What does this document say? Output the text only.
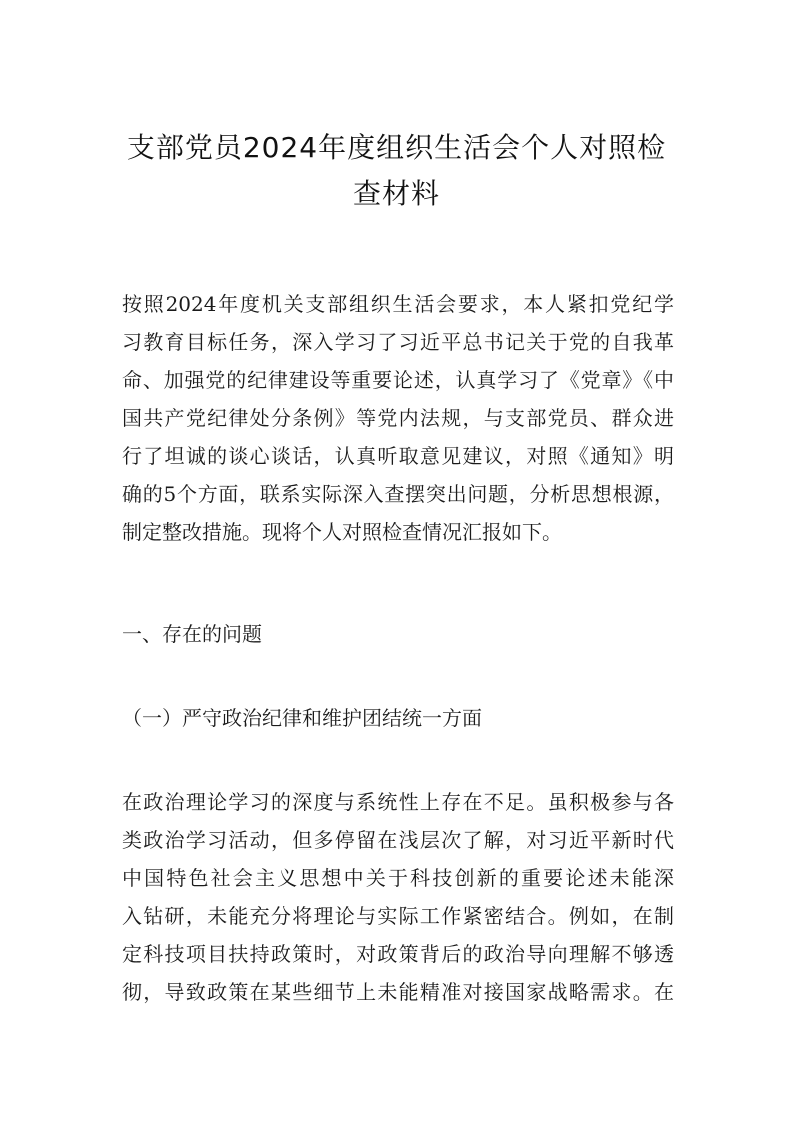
支部党员2024年度组织生活会个人对照检
查材料
按照2024年度机关支部组织生活会要求，本人紧扣党纪学
习教育目标任务，深入学习了习近平总书记关于党的自我革
命、加强党的纪律建设等重要论述，认真学习了《党章》《中
国共产党纪律处分条例》等党内法规，与支部党员、群众进
行了坦诚的谈心谈话，认真听取意见建议，对照《通知》明
确的5个方面，联系实际深入查摆突出问题，分析思想根源，
制定整改措施。现将个人对照检查情况汇报如下。
一、存在的问题
（一）严守政治纪律和维护团结统一方面
在政治理论学习的深度与系统性上存在不足。虽积极参与各
类政治学习活动，但多停留在浅层次了解，对习近平新时代
中国特色社会主义思想中关于科技创新的重要论述未能深
入钻研，未能充分将理论与实际工作紧密结合。例如，在制
定科技项目扶持政策时，对政策背后的政治导向理解不够透
彻，导致政策在某些细节上未能精准对接国家战略需求。在
